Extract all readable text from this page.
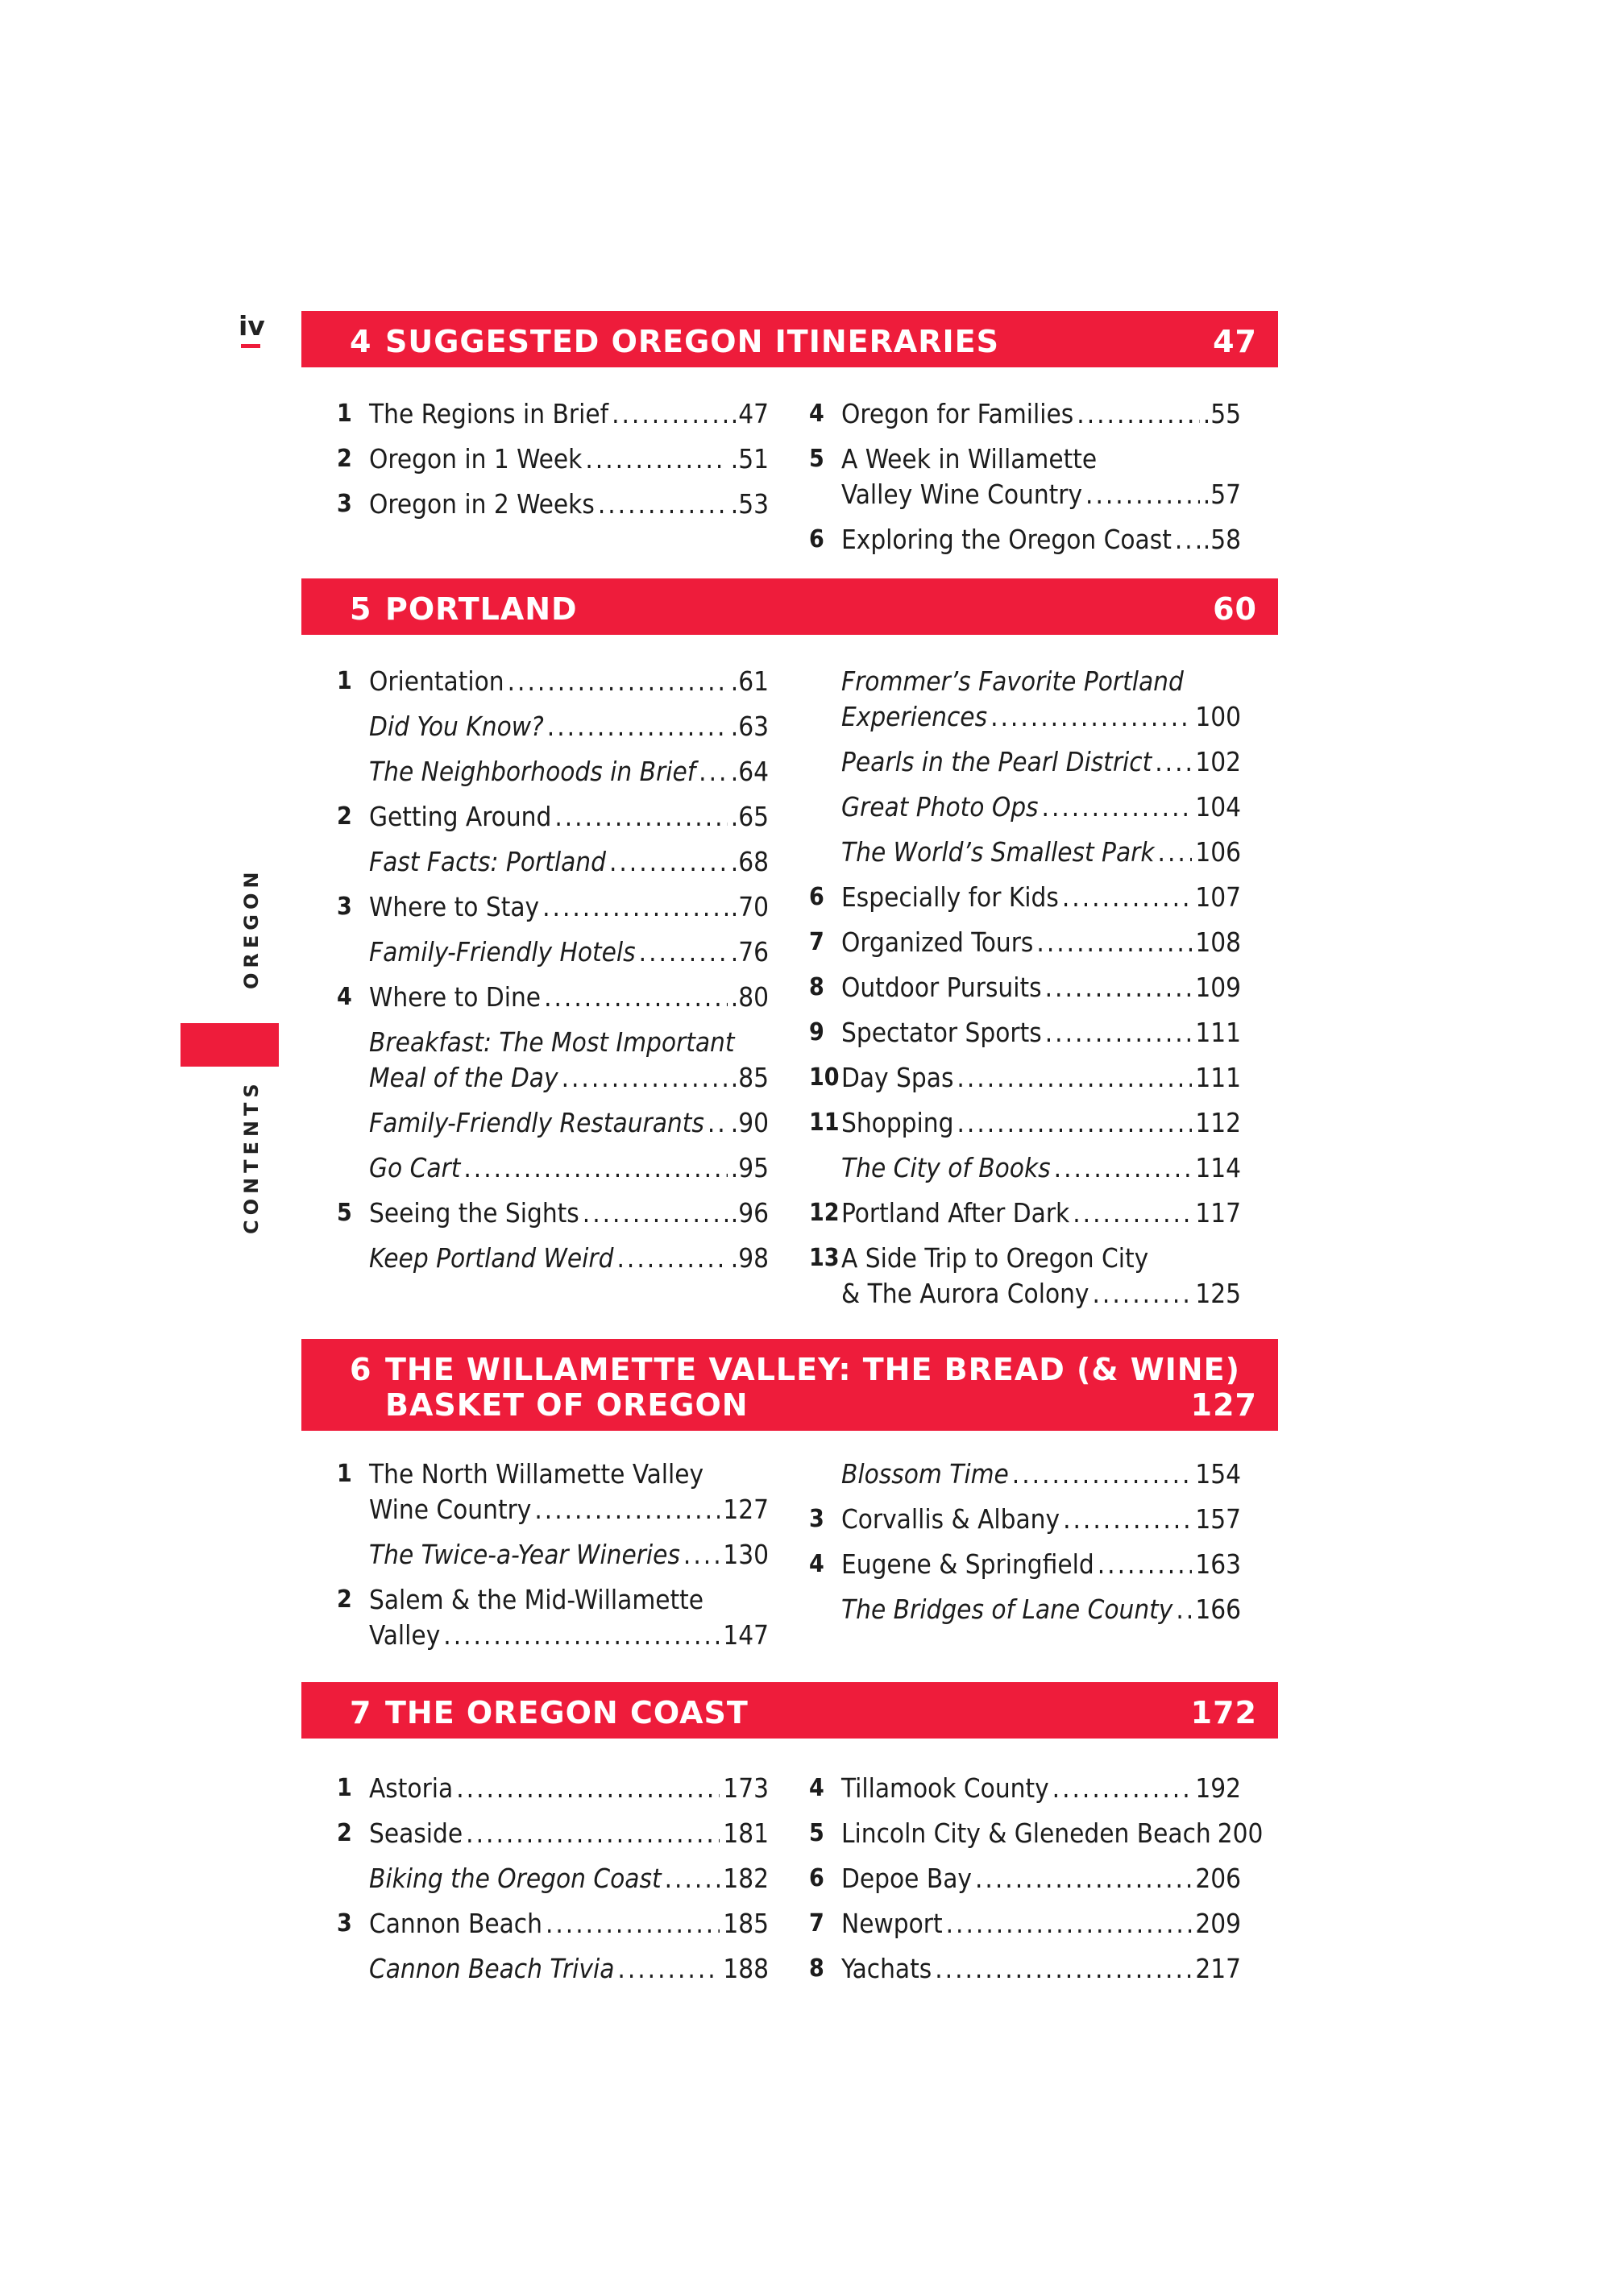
iv
OREGON
CONTENTS
4 SUGGESTED OREGON ITINERARIES	47
1 The Regions in Brief .....	.47
2 Oregon in 1 Week .....	.51
3 Oregon in 2 Weeks .....	.53
4 Oregon for Families .....	.55
5 A Week in Willamette
Valley Wine Country .....	.57
6 Exploring the Oregon Coast ..... .58
5 PORTLAND	60
1 Orientation .....	.61
Did You Know? .....	.63
The Neighborhoods in Brief ..... .64
2 Getting Around .....	.65
Fast Facts: Portland .....	.68
3 Where to Stay .....	.70
Family-Friendly Hotels .....	.76
4 Where to Dine .....	.80
Breakfast: The Most Important
Meal of the Day .....	.85
Family-Friendly Restaurants ..... .90
Go Cart .....	.95
5 Seeing the Sights .....	.96
Keep Portland Weird .....	.98
Frommer’s Favorite Portland
Experiences .....	100
Pearls in the Pearl District ..... 102
Great Photo Ops .....	104
The World’s Smallest Park ..... 106
6 Especially for Kids .....	107
7 Organized Tours .....	108
8 Outdoor Pursuits .....	109
9 Spectator Sports .....	111
10 Day Spas .....	111
11 Shopping .....	112
The City of Books .....	114
12 Portland After Dark .....	117
13 A Side Trip to Oregon City
& The Aurora Colony .....	125
6 THE WILLAMETTE VALLEY: THE BREAD (& WINE)
BASKET OF OREGON	127
1 The North Willamette Valley
Wine Country .....	127
The Twice-a-Year Wineries ..... 130
2 Salem & the Mid-Willamette
Valley .....	147
Blossom Time .....	154
3 Corvallis & Albany .....	157
4 Eugene & Springfield .....	163
The Bridges of Lane County ..... 166
7 THE OREGON COAST	172
1 Astoria .....	173
2 Seaside .....	181
Biking the Oregon Coast ..... 182
3 Cannon Beach .....	185
Cannon Beach Trivia .....	188
4 Tillamook County .....	192
5 Lincoln City & Gleneden Beach 200
6 Depoe Bay .....	206
7 Newport .....	209
8 Yachats .....	217
